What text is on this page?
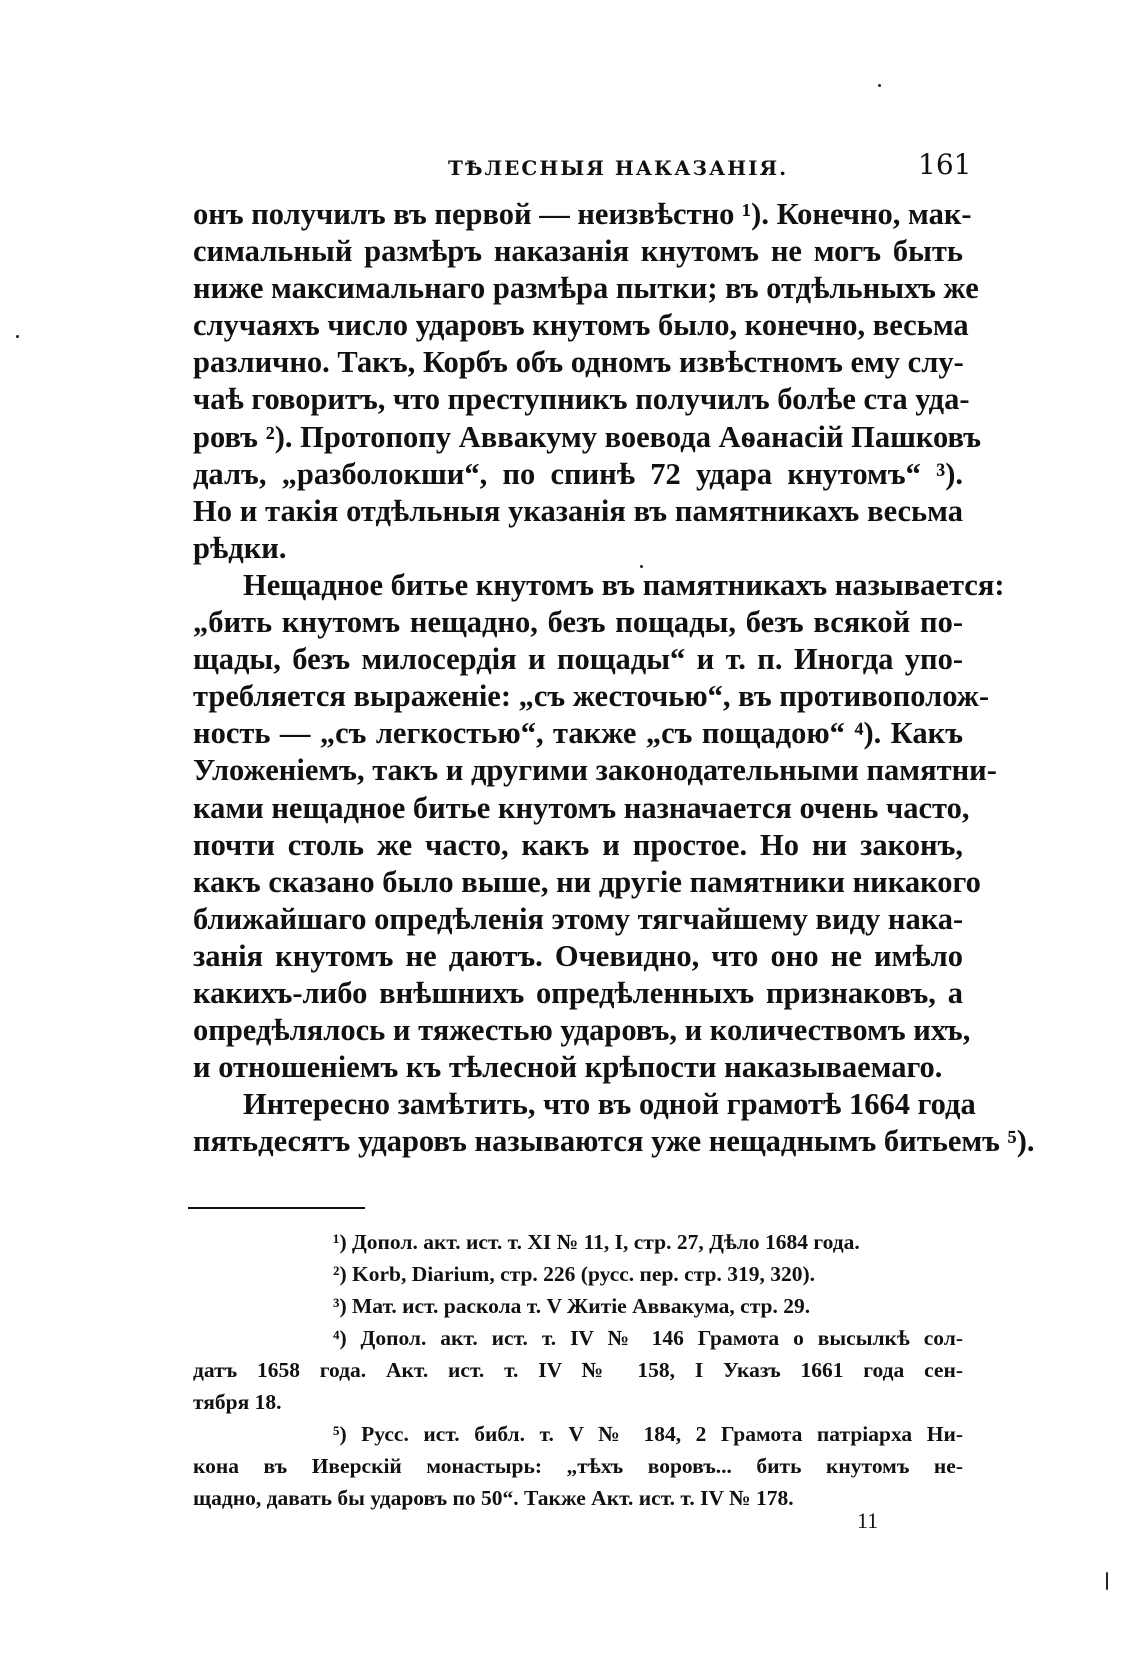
ТѢЛЕСНЫЯ НАКАЗАНІЯ.	161
онъ получилъ въ первой — неизвѣстно ¹). Конечно, мак-
симальный размѣръ наказанія кнутомъ не могъ быть
ниже максимальнаго размѣра пытки; въ отдѣльныхъ же
случаяхъ число ударовъ кнутомъ было, конечно, весьма
различно. Такъ, Корбъ объ одномъ извѣстномъ ему слу-
чаѣ говоритъ, что преступникъ получилъ болѣе ста уда-
ровъ ²). Протопопу Аввакуму воевода Аѳанасій Пашковъ
далъ, „разболокши“, по спинѣ 72 удара кнутомъ“ ³).
Но и такія отдѣльныя указанія въ памятникахъ весьма
рѣдки.
Нещадное битье кнутомъ въ памятникахъ называется:
„бить кнутомъ нещадно, безъ пощады, безъ всякой по-
щады, безъ милосердія и пощады“ и т. п. Иногда упо-
требляется выраженіе: „съ жесточью“, въ противополож-
ность — „съ легкостью“, также „съ пощадою“ ⁴). Какъ
Уложеніемъ, такъ и другими законодательными памятни-
ками нещадное битье кнутомъ назначается очень часто,
почти столь же часто, какъ и простое. Но ни законъ,
какъ сказано было выше, ни другіе памятники никакого
ближайшаго опредѣленія этому тягчайшему виду нака-
занія кнутомъ не даютъ. Очевидно, что оно не имѣло
какихъ-либо внѣшнихъ опредѣленныхъ признаковъ, а
опредѣлялось и тяжестью ударовъ, и количествомъ ихъ,
и отношеніемъ къ тѣлесной крѣпости наказываемаго.
Интересно замѣтить, что въ одной грамотѣ 1664 года
пятьдесятъ ударовъ называются уже нещаднымъ битьемъ ⁵).
¹) Допол. акт. ист. т. XI № 11, I, стр. 27, Дѣло 1684 года.
²) Korb, Diarium, стр. 226 (русс. пер. стр. 319, 320).
³) Мат. ист. раскола т. V Житіе Аввакума, стр. 29.
⁴) Допол. акт. ист. т. IV № 146 Грамота о высылкѣ сол-
датъ 1658 года. Акт. ист. т. IV № 158, I Указъ 1661 года сен-
тября 18.
⁵) Русс. ист. библ. т. V № 184, 2 Грамота патріарха Ни-
кона въ Иверскій монастырь: „тѣхъ воровъ... бить кнутомъ не-
щадно, давать бы ударовъ по 50“. Также Акт. ист. т. IV № 178.
11
